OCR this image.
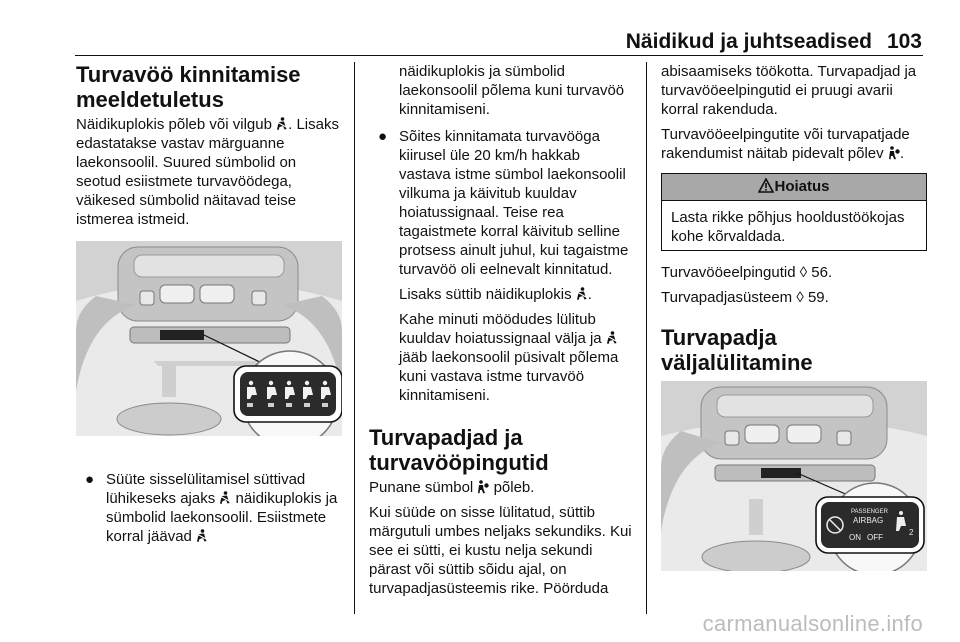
Näidikud ja juhtseadised 103
Turvavöö kinnitamise meeldetuletus

Näidikuplokis põleb või vilgub . Lisaks edastatakse vastav märguanne laekonsoolil. Suured sümbolid on seotud esiistmete turvavöödega, väikesed sümbolid näitavad teise istmerea istmeid.

● Süüte sisselülitamisel süttivad lühikeseks ajaks  näidikuplokis ja sümbolid laekonsoolil. Esiistmete korral jäävad

näidikuplokis ja sümbolid laekonsoolil põlema kuni turvavöö kinnitamiseni.

● Sõites kinnitamata turvavööga kiirusel üle 20 km/h hakkab vastava istme sümbol laekonsoolil vilkuma ja käivitub kuuldav hoiatussignaal. Teise rea tagaistmete korral käivitub selline protsess ainult juhul, kui tagaistme turvavöö oli eelnevalt kinnitatud.

Lisaks süttib näidikuplokis .

Kahe minuti möödudes lülitub kuuldav hoiatussignaal välja ja  jääb laekonsoolil püsivalt põlema kuni vastava istme turvavöö kinnitamiseni.

Turvapadjad ja turvavööpingutid

Punane sümbol  põleb.

Kui süüde on sisse lülitatud, süttib märgutuli umbes neljaks sekundiks. Kui see ei sütti, ei kustu nelja sekundi pärast või süttib sõidu ajal, on turvapadjasüsteemis rike. Pöörduda

abisaamiseks töökotta. Turvapadjad ja turvavööeelpingutid ei pruugi avarii korral rakenduda.

Turvavööeelpingutite või turvapatjade rakendumist näitab pidevalt põlev .

Hoiatus
Lasta rikke põhjus hooldustöökojas kohe kõrvaldada.

Turvavööeelpingutid ◊ 56.

Turvapadjasüsteem ◊ 59.

Turvapadja väljalülitamine
PASSENGER
AIRBAG
ON OFF
2
carmanualsonline.info
